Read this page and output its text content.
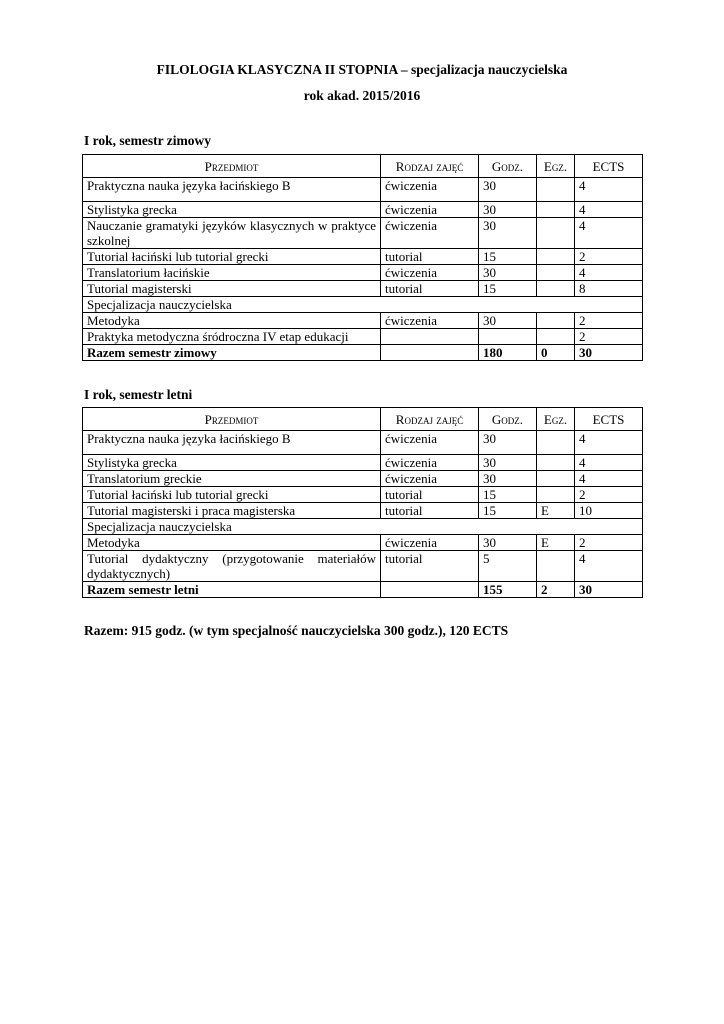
FILOLOGIA KLASYCZNA II STOPNIA – specjalizacja nauczycielska
rok akad. 2015/2016
I rok, semestr zimowy
Przedmiot	Rodzaj zajęć	Godz.	Egz.	ECTS
Praktyczna nauka języka łacińskiego B	ćwiczenia	30		4
Stylistyka grecka	ćwiczenia	30		4
Nauczanie gramatyki języków klasycznych w praktyce szkolnej	ćwiczenia	30		4
Tutorial łaciński lub tutorial grecki	tutorial	15		2
Translatorium łacińskie	ćwiczenia	30		4
Tutorial magisterski	tutorial	15		8
Specjalizacja nauczycielska				
Metodyka	ćwiczenia	30		2
Praktyka metodyczna śródroczna IV etap edukacji				2
Razem semestr zimowy		180	0	30
I rok, semestr letni
Przedmiot	Rodzaj zajęć	Godz.	Egz.	ECTS
Praktyczna nauka języka łacińskiego B	ćwiczenia	30		4
Stylistyka grecka	ćwiczenia	30		4
Translatorium greckie	ćwiczenia	30		4
Tutorial łaciński lub tutorial grecki	tutorial	15		2
Tutorial magisterski i praca magisterska	tutorial	15	E	10
Specjalizacja nauczycielska				
Metodyka	ćwiczenia	30	E	2
Tutorial dydaktyczny (przygotowanie materiałów dydaktycznych)	tutorial	5		4
Razem semestr letni		155	2	30
Razem: 915 godz. (w tym specjalność nauczycielska 300 godz.), 120 ECTS
